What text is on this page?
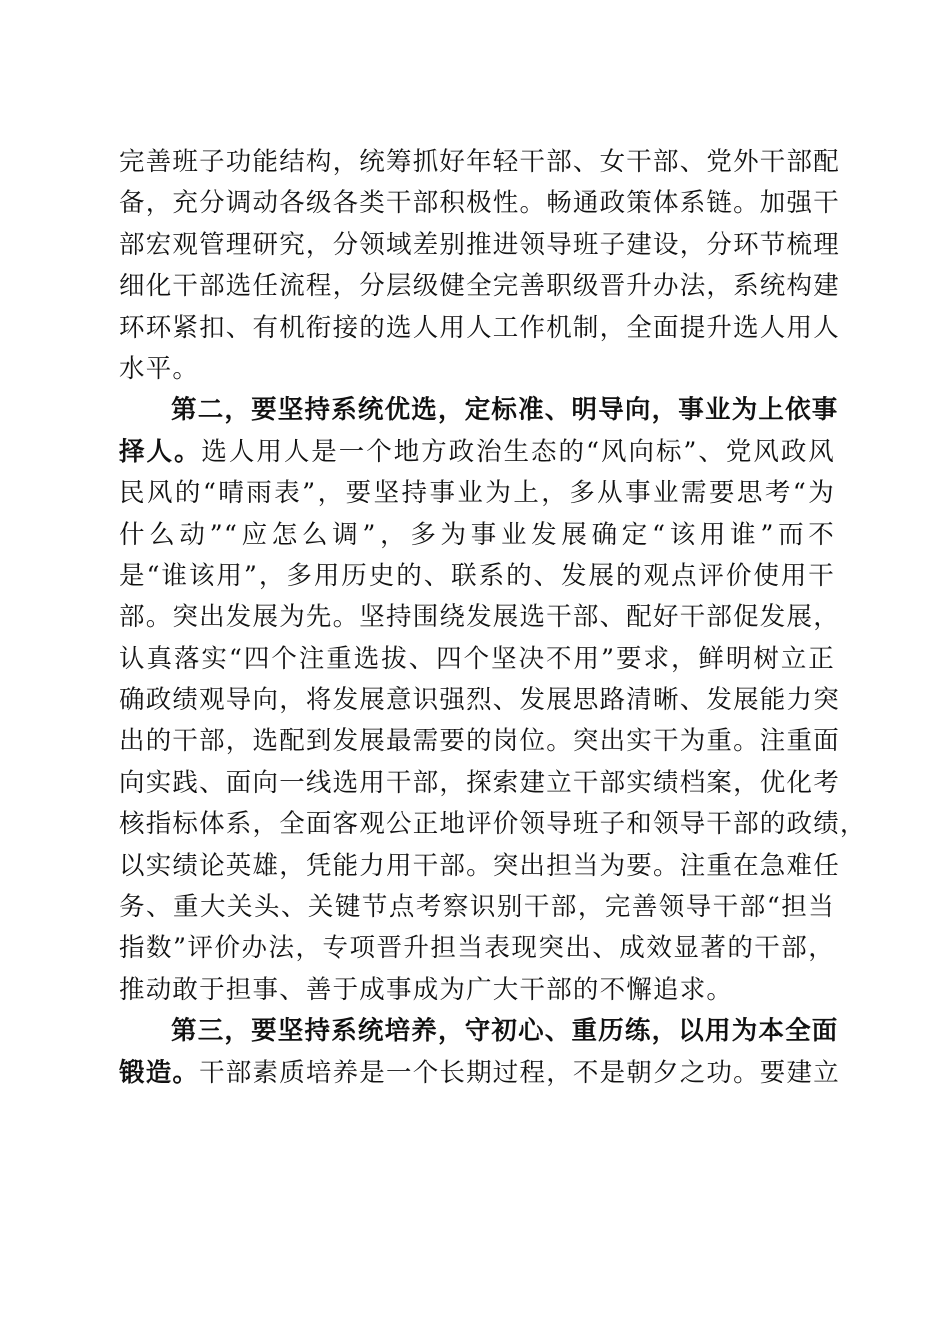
完善班子功能结构，统筹抓好年轻干部、女干部、党外干部配
备，充分调动各级各类干部积极性。畅通政策体系链。加强干
部宏观管理研究，分领域差别推进领导班子建设，分环节梳理
细化干部选任流程，分层级健全完善职级晋升办法，系统构建
环环紧扣、有机衔接的选人用人工作机制，全面提升选人用人
水平。
第二，要坚持系统优选，定标准、明导向，事业为上依事
择人。选人用人是一个地方政治生态的“风向标”、党风政风
民风的“晴雨表”，要坚持事业为上，多从事业需要思考“为
什么动”“应怎么调”，多为事业发展确定“该用谁”而不
是“谁该用”，多用历史的、联系的、发展的观点评价使用干
部。突出发展为先。坚持围绕发展选干部、配好干部促发展，
认真落实“四个注重选拔、四个坚决不用”要求，鲜明树立正
确政绩观导向，将发展意识强烈、发展思路清晰、发展能力突
出的干部，选配到发展最需要的岗位。突出实干为重。注重面
向实践、面向一线选用干部，探索建立干部实绩档案，优化考
核指标体系，全面客观公正地评价领导班子和领导干部的政绩，
以实绩论英雄，凭能力用干部。突出担当为要。注重在急难任
务、重大关头、关键节点考察识别干部，完善领导干部“担当
指数”评价办法，专项晋升担当表现突出、成效显著的干部，
推动敢于担事、善于成事成为广大干部的不懈追求。
第三，要坚持系统培养，守初心、重历练，以用为本全面
锻造。干部素质培养是一个长期过程，不是朝夕之功。要建立
